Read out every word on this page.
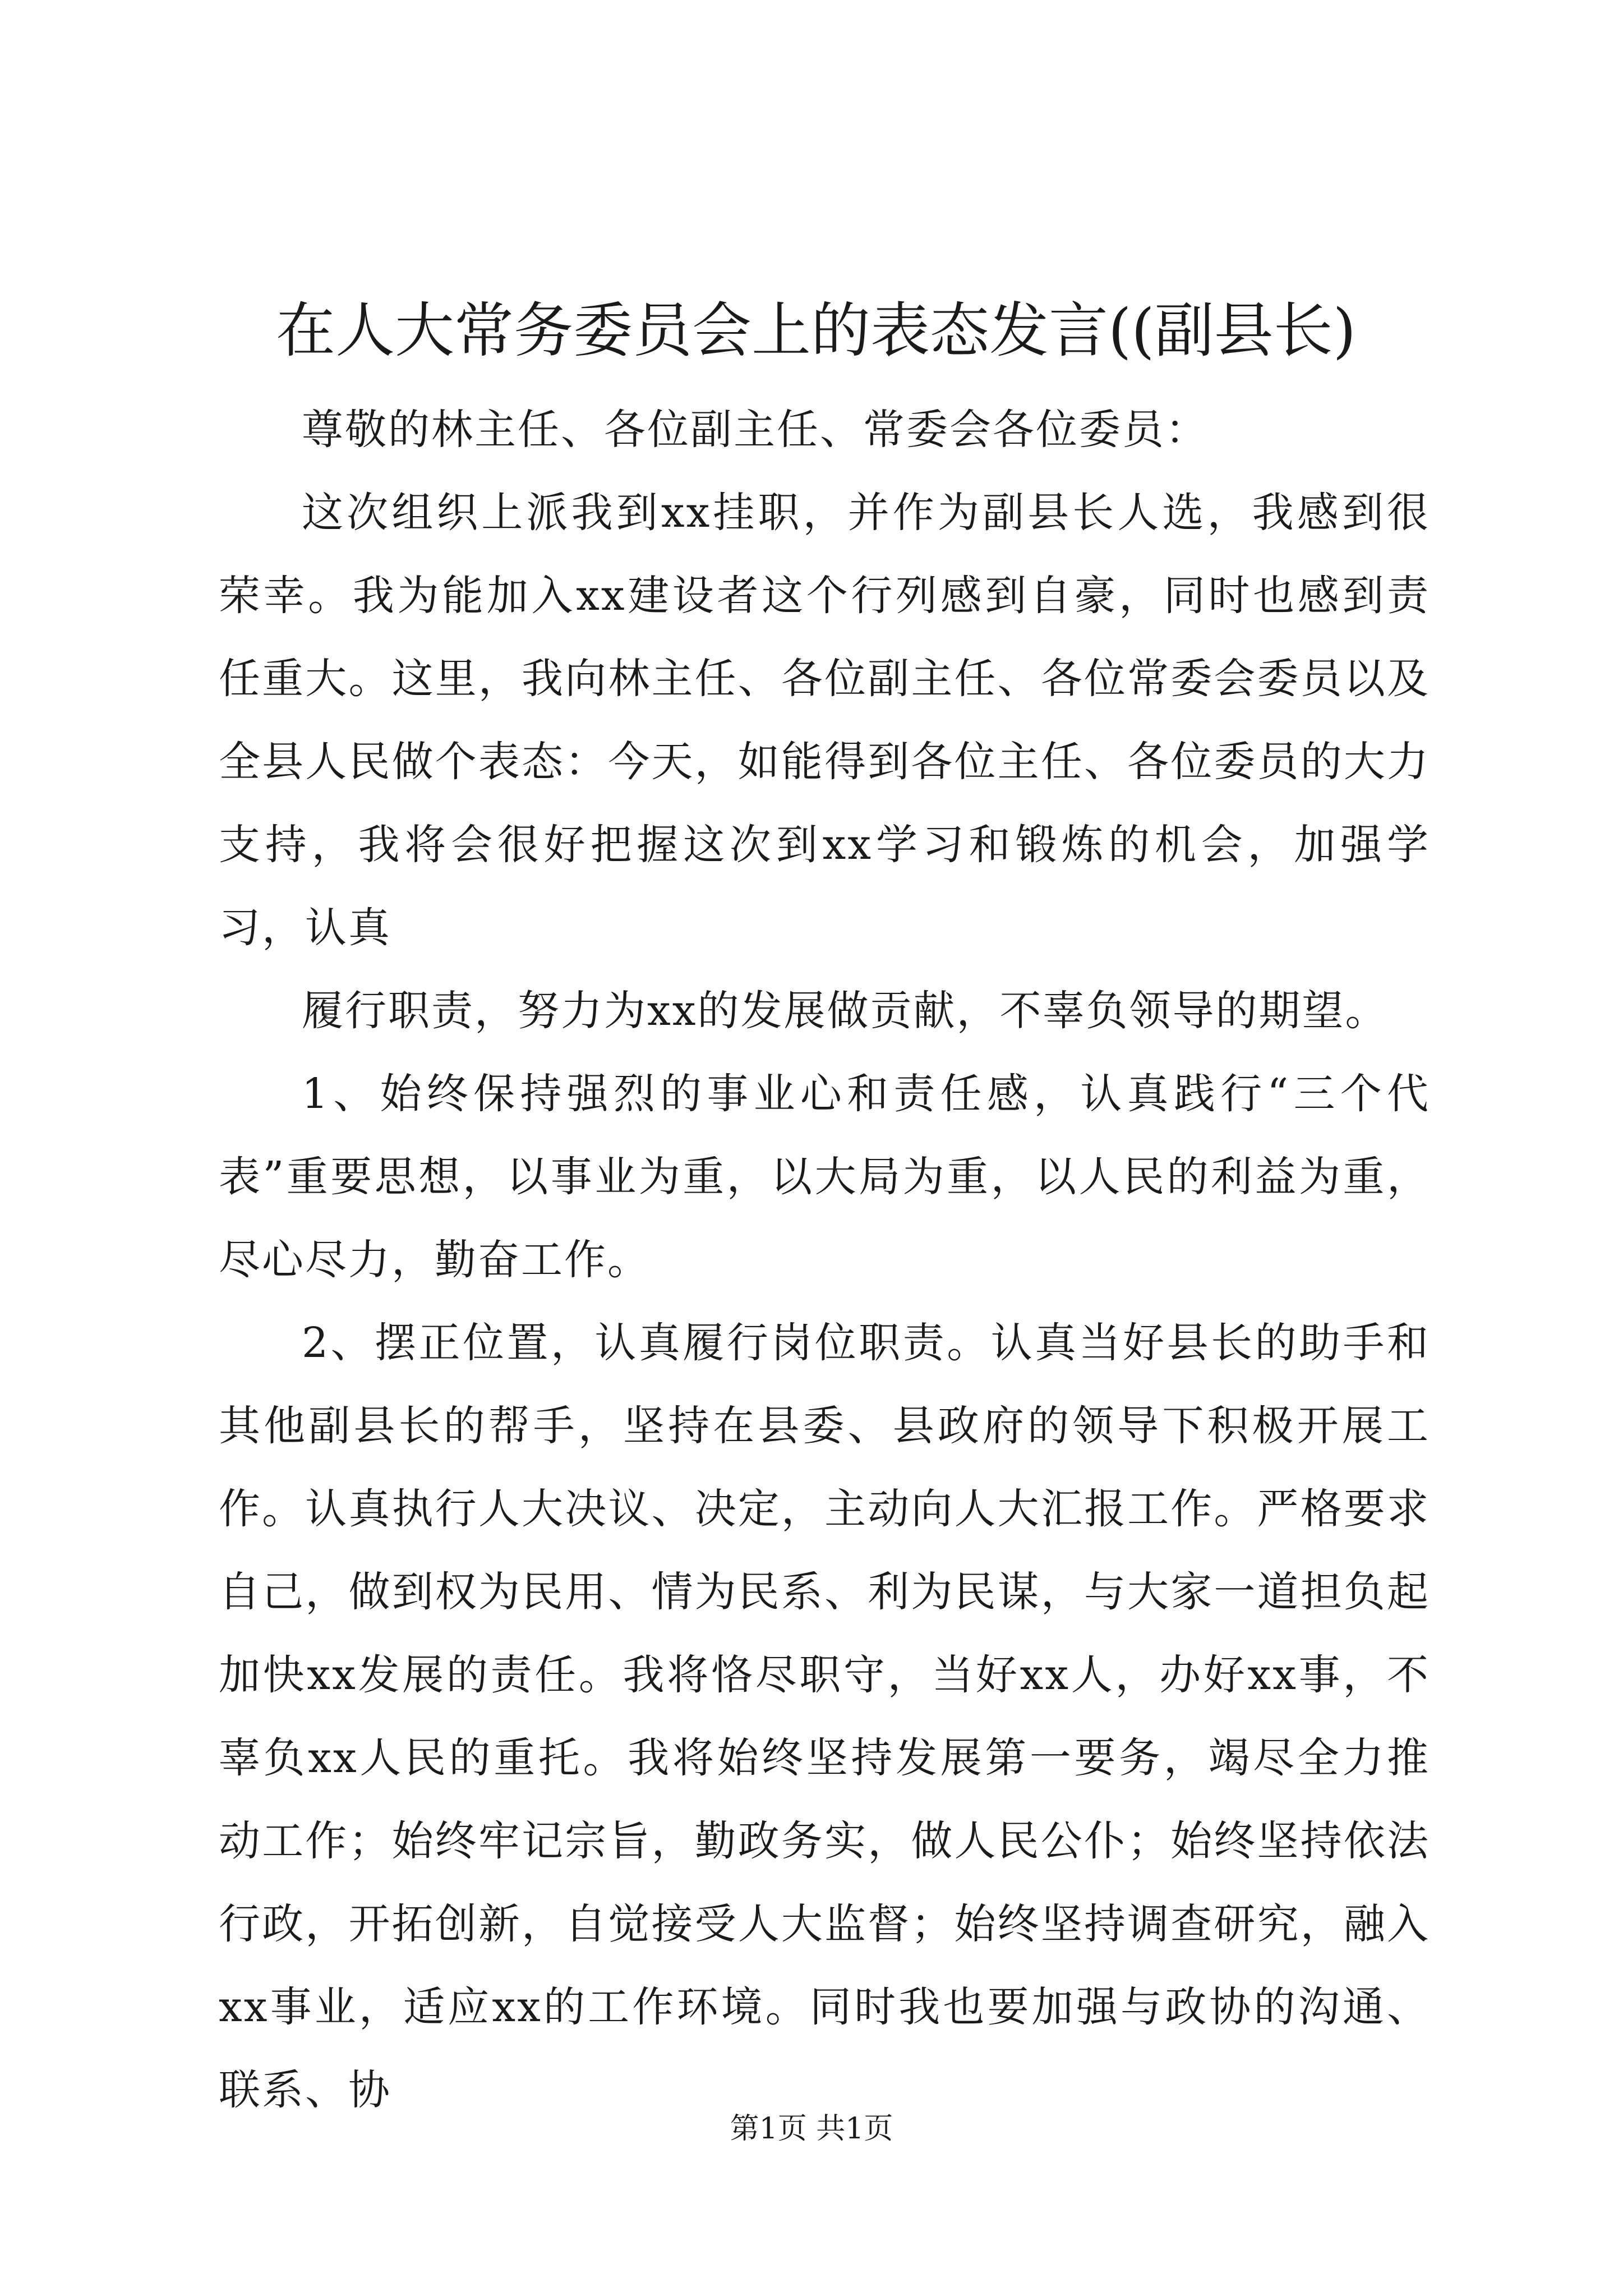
在人大常务委员会上的表态发言((副县长)

尊敬的林主任、各位副主任、常委会各位委员：

这次组织上派我到xx挂职，并作为副县长人选，我感到很荣幸。我为能加入xx建设者这个行列感到自豪，同时也感到责任重大。这里，我向林主任、各位副主任、各位常委会委员以及全县人民做个表态：今天，如能得到各位主任、各位委员的大力支持，我将会很好把握这次到xx学习和锻炼的机会，加强学习，认真

履行职责，努力为xx的发展做贡献，不辜负领导的期望。

1、始终保持强烈的事业心和责任感，认真践行“三个代表”重要思想，以事业为重，以大局为重，以人民的利益为重，尽心尽力，勤奋工作。

2、摆正位置，认真履行岗位职责。认真当好县长的助手和其他副县长的帮手，坚持在县委、县政府的领导下积极开展工作。认真执行人大决议、决定，主动向人大汇报工作。严格要求自己，做到权为民用、情为民系、利为民谋，与大家一道担负起加快xx发展的责任。我将恪尽职守，当好xx人，办好xx事，不辜负xx人民的重托。我将始终坚持发展第一要务，竭尽全力推动工作；始终牢记宗旨，勤政务实，做人民公仆；始终坚持依法行政，开拓创新，自觉接受人大监督；始终坚持调查研究，融入xx事业，适应xx的工作环境。同时我也要加强与政协的沟通、联系、协

第1页 共1页
